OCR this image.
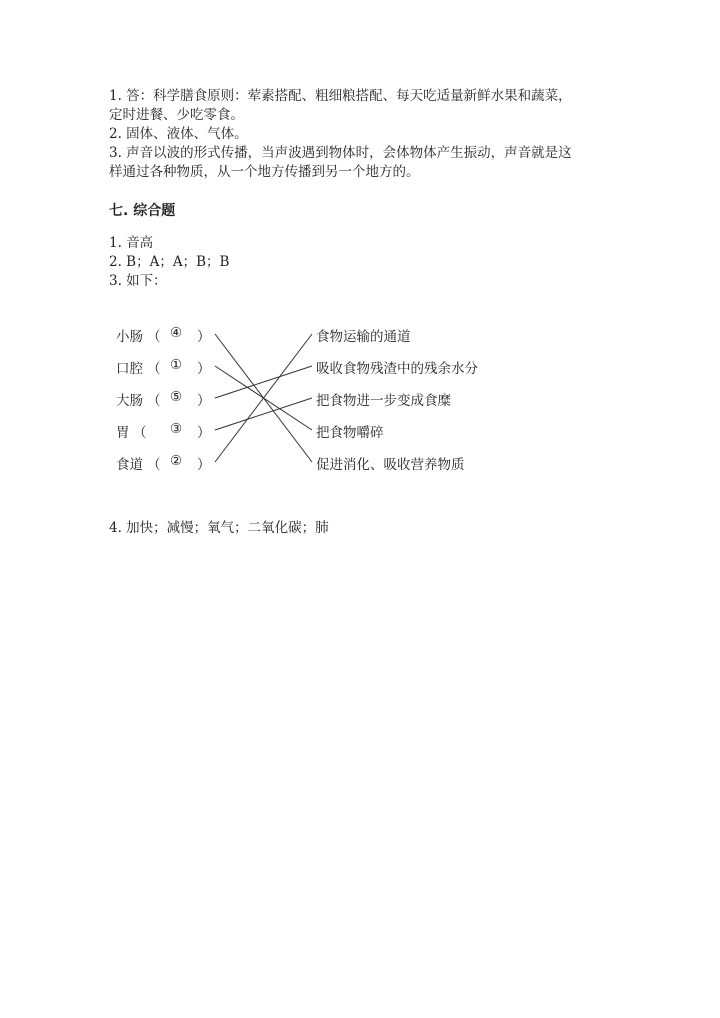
1. 答：科学膳食原则：荤素搭配、粗细粮搭配、每天吃适量新鲜水果和蔬菜，
定时进餐、少吃零食。
2. 固体、液体、气体。
3. 声音以波的形式传播，当声波遇到物体时，会体物体产生振动，声音就是这
样通过各种物质，从一个地方传播到另一个地方的。
七. 综合题
1. 音高
2. B；A；A；B；B
3. 如下：
小肠 （ ④ ）
口腔 （ ① ）
大肠 （ ⑤ ）
胃 （ ③ ）
食道 （ ② ）
食物运输的通道
吸收食物残渣中的残余水分
把食物进一步变成食糜
把食物嚼碎
促进消化、吸收营养物质
4. 加快；减慢；氧气；二氧化碳；肺
